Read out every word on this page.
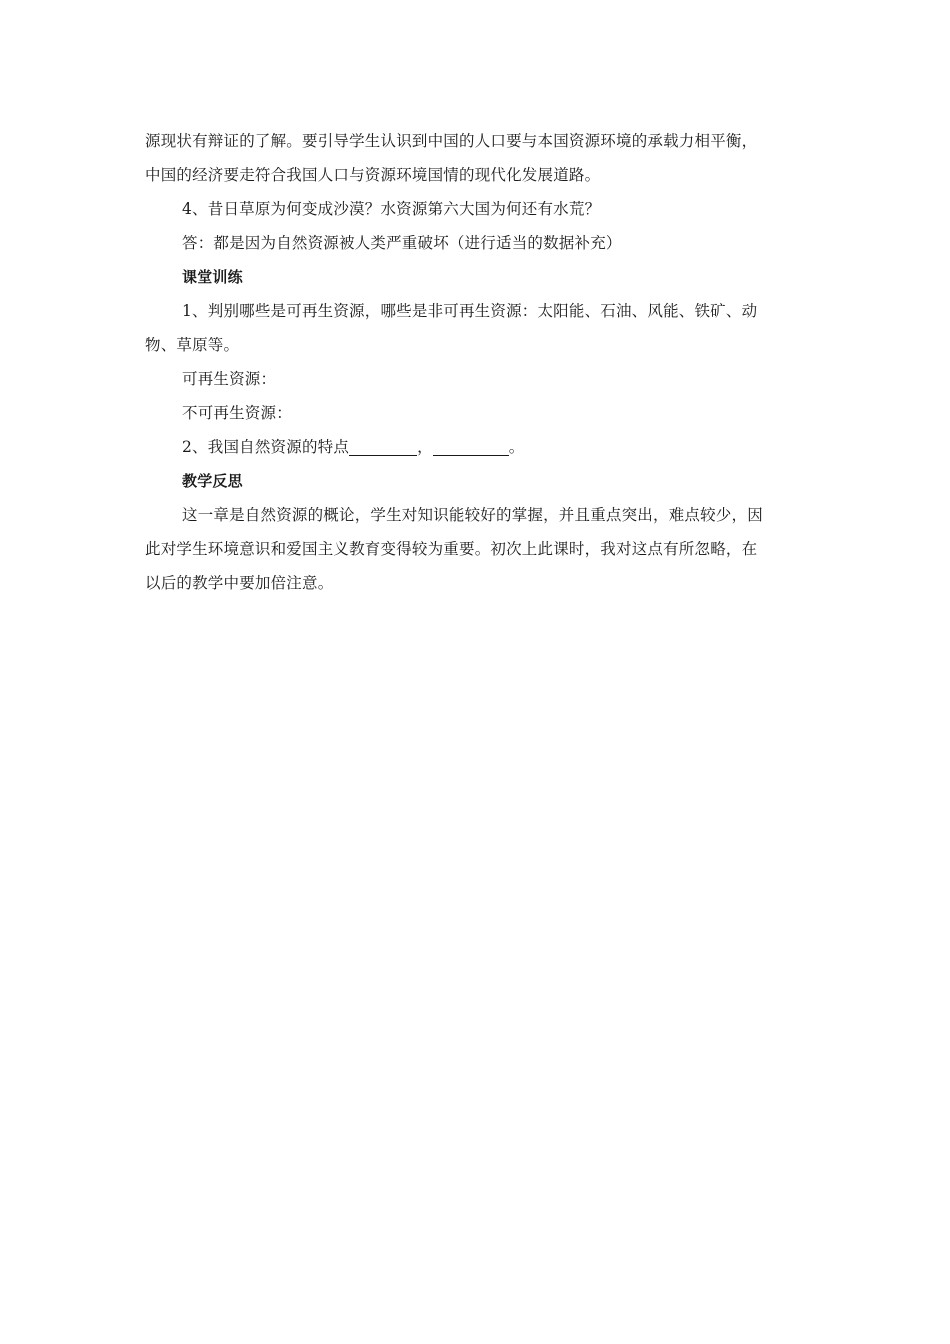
源现状有辩证的了解。要引导学生认识到中国的人口要与本国资源环境的承载力相平衡，
中国的经济要走符合我国人口与资源环境国情的现代化发展道路。
4、昔日草原为何变成沙漠？水资源第六大国为何还有水荒？
答：都是因为自然资源被人类严重破坏（进行适当的数据补充）
课堂训练
1、判别哪些是可再生资源，哪些是非可再生资源：太阳能、石油、风能、铁矿、动
物、草原等。
可再生资源：
不可再生资源：
2、我国自然资源的特点	，	。
教学反思
这一章是自然资源的概论，学生对知识能较好的掌握，并且重点突出，难点较少，因
此对学生环境意识和爱国主义教育变得较为重要。初次上此课时，我对这点有所忽略，在
以后的教学中要加倍注意。
